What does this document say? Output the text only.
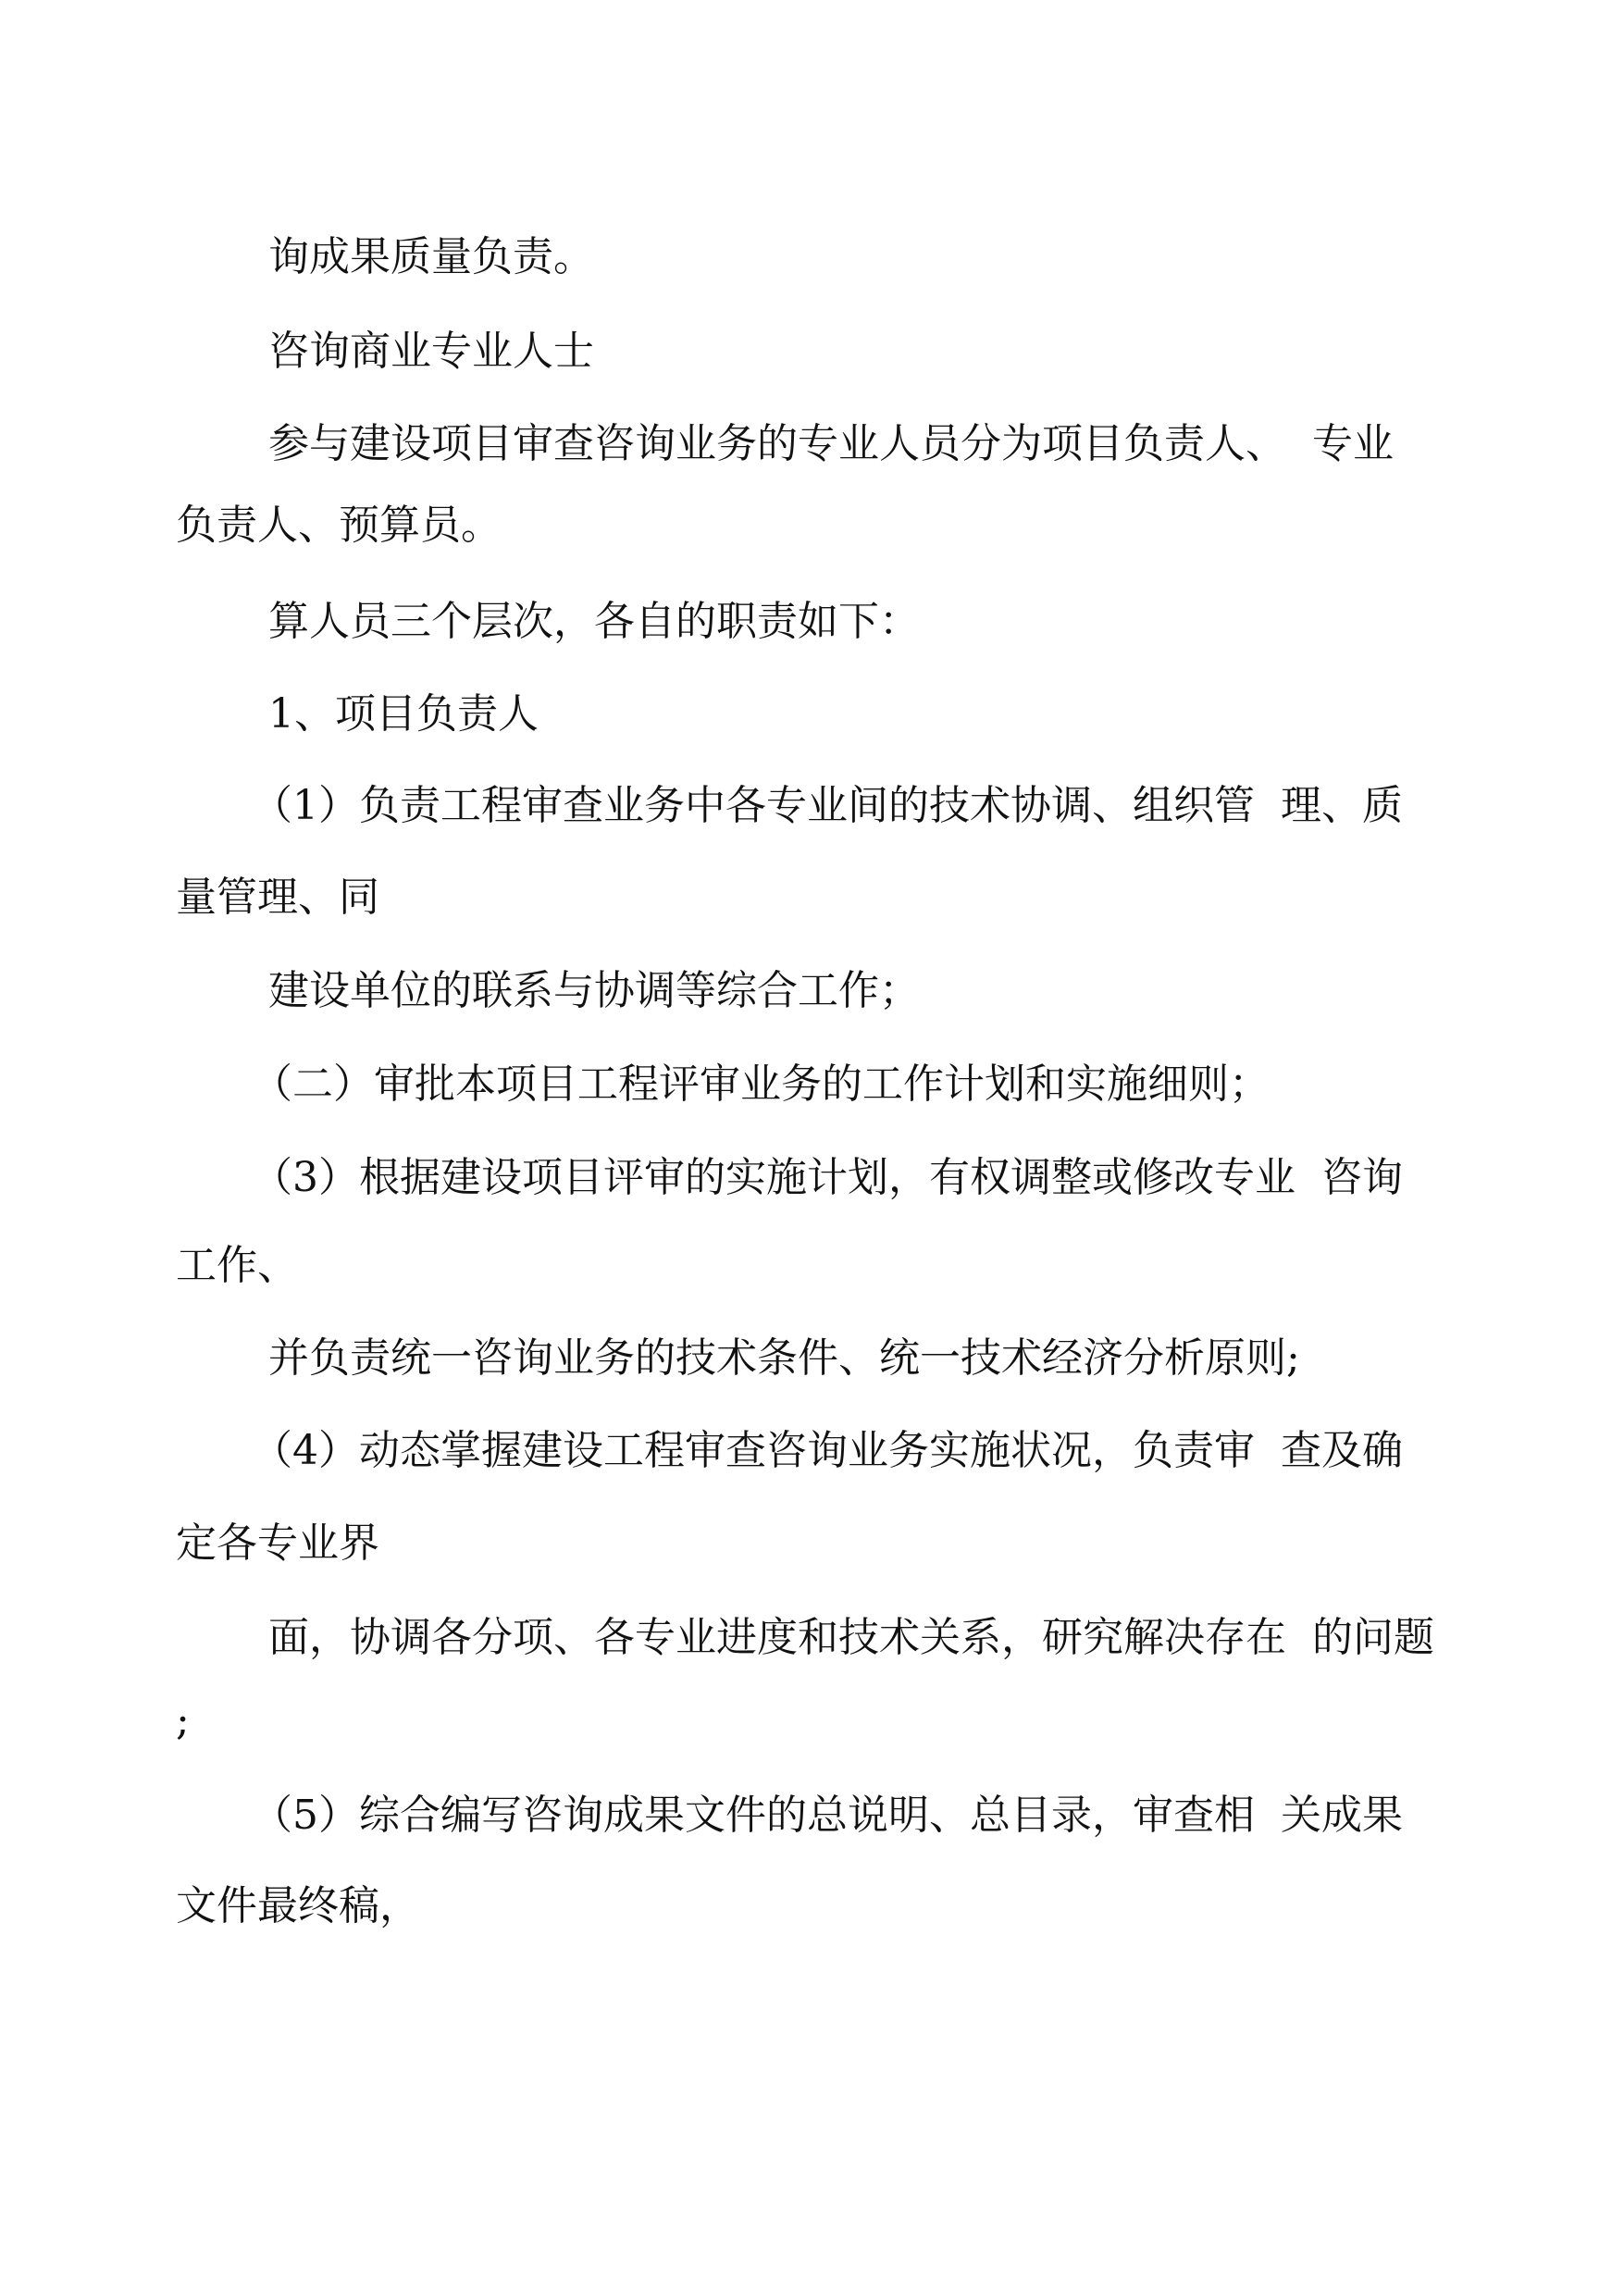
询成果质量负责。
咨询商业专业人士
参与建设项目审查咨询业务的专业人员分为项目负责人、  专业
负责人、预算员。
算人员三个层次，各自的职责如下：
1、项目负责人
（1）负责工程审查业务中各专业间的技术协调、组织管  理、质
量管理、同
建设单位的联系与协调等综合工作；
（二）审批本项目工程评审业务的工作计划和实施细则；
（3）根据建设项目评审的实施计划，有权调整或修改专业  咨询
工作、
并负责统一咨询业务的技术条件、统一技术经济分析原则;
（4）动态掌握建设工程审查咨询业务实施状况，负责审  查及确
定各专业界
面，协调各分项、各专业进度和技术关系，研究解决存在  的问题
;
（5）综合编写咨询成果文件的总说明、总目录，审查相  关成果
文件最终稿，
